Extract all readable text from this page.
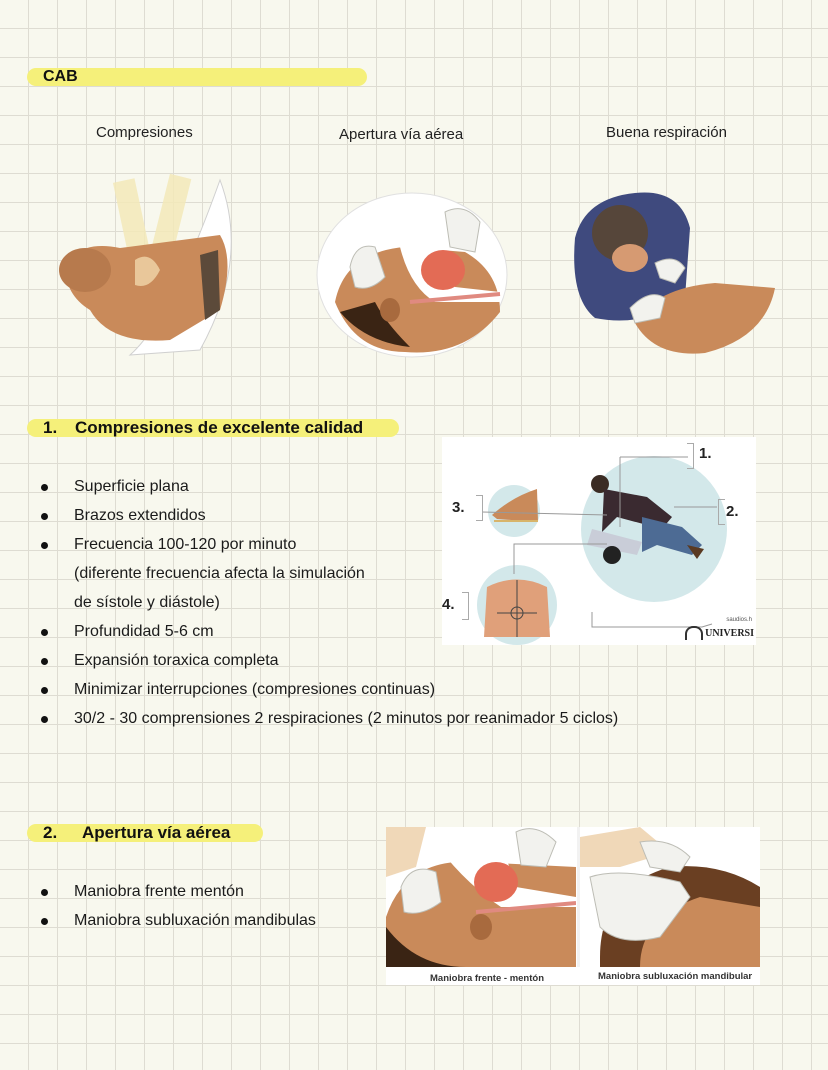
CAB
Compresiones	Apertura vía aérea	Buena respiración
1. Compresiones de excelente calidad
Superficie plana
Brazos extendidos
Frecuencia 100-120 por minuto
(diferente frecuencia afecta la simulación
de sístole y diástole)
Profundidad 5-6 cm
Expansión toraxica completa
Minimizar interrupciones (compresiones continuas)
30/2 - 30 comprensiones 2 respiraciones (2 minutos por reanimador 5 ciclos)
1.
2.
3.
4.
saudios.h
UNIVERSI
2. Apertura vía aérea
Maniobra frente mentón
Maniobra subluxación mandibulas
Maniobra frente - mentón	Maniobra subluxación mandibular
